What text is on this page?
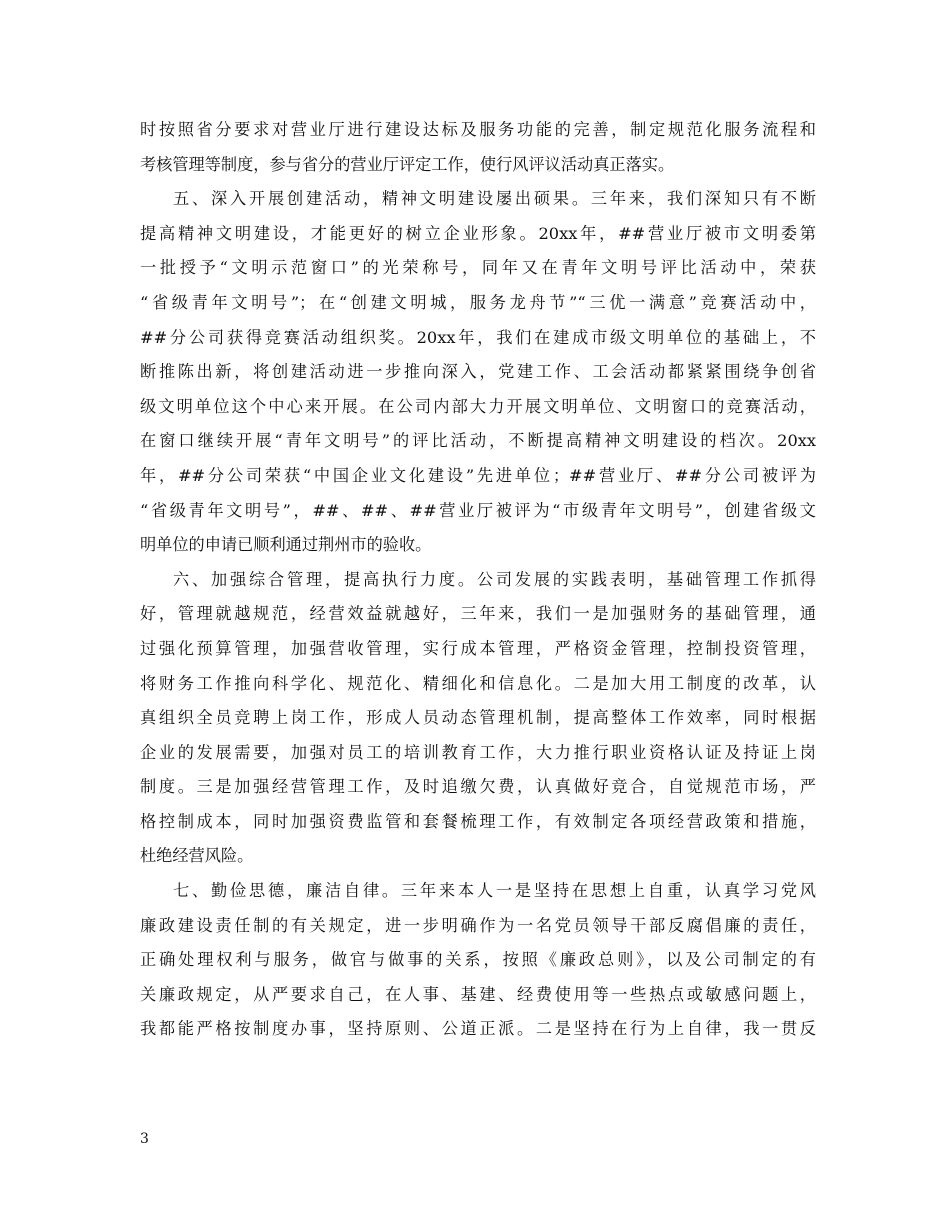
时按照省分要求对营业厅进行建设达标及服务功能的完善，制定规范化服务流程和
考核管理等制度，参与省分的营业厅评定工作，使行风评议活动真正落实。
五、深入开展创建活动，精神文明建设屡出硕果。三年来，我们深知只有不断
提高精神文明建设，才能更好的树立企业形象。20xx年，##营业厅被市文明委第
一批授予“文明示范窗口”的光荣称号，同年又在青年文明号评比活动中，荣获
“省级青年文明号”；在“创建文明城，服务龙舟节”“三优一满意”竞赛活动中，
##分公司获得竞赛活动组织奖。20xx年，我们在建成市级文明单位的基础上，不
断推陈出新，将创建活动进一步推向深入，党建工作、工会活动都紧紧围绕争创省
级文明单位这个中心来开展。在公司内部大力开展文明单位、文明窗口的竞赛活动，
在窗口继续开展“青年文明号”的评比活动，不断提高精神文明建设的档次。20xx
年，##分公司荣获“中国企业文化建设”先进单位；##营业厅、##分公司被评为
“省级青年文明号”，##、##、##营业厅被评为“市级青年文明号”，创建省级文
明单位的申请已顺利通过荆州市的验收。
六、加强综合管理，提高执行力度。公司发展的实践表明，基础管理工作抓得
好，管理就越规范，经营效益就越好，三年来，我们一是加强财务的基础管理，通
过强化预算管理，加强营收管理，实行成本管理，严格资金管理，控制投资管理，
将财务工作推向科学化、规范化、精细化和信息化。二是加大用工制度的改革，认
真组织全员竞聘上岗工作，形成人员动态管理机制，提高整体工作效率，同时根据
企业的发展需要，加强对员工的培训教育工作，大力推行职业资格认证及持证上岗
制度。三是加强经营管理工作，及时追缴欠费，认真做好竞合，自觉规范市场，严
格控制成本，同时加强资费监管和套餐梳理工作，有效制定各项经营政策和措施，
杜绝经营风险。
七、勤俭思德，廉洁自律。三年来本人一是坚持在思想上自重，认真学习党风
廉政建设责任制的有关规定，进一步明确作为一名党员领导干部反腐倡廉的责任，
正确处理权利与服务，做官与做事的关系，按照《廉政总则》，以及公司制定的有
关廉政规定，从严要求自己，在人事、基建、经费使用等一些热点或敏感问题上，
我都能严格按制度办事，坚持原则、公道正派。二是坚持在行为上自律，我一贯反
3
